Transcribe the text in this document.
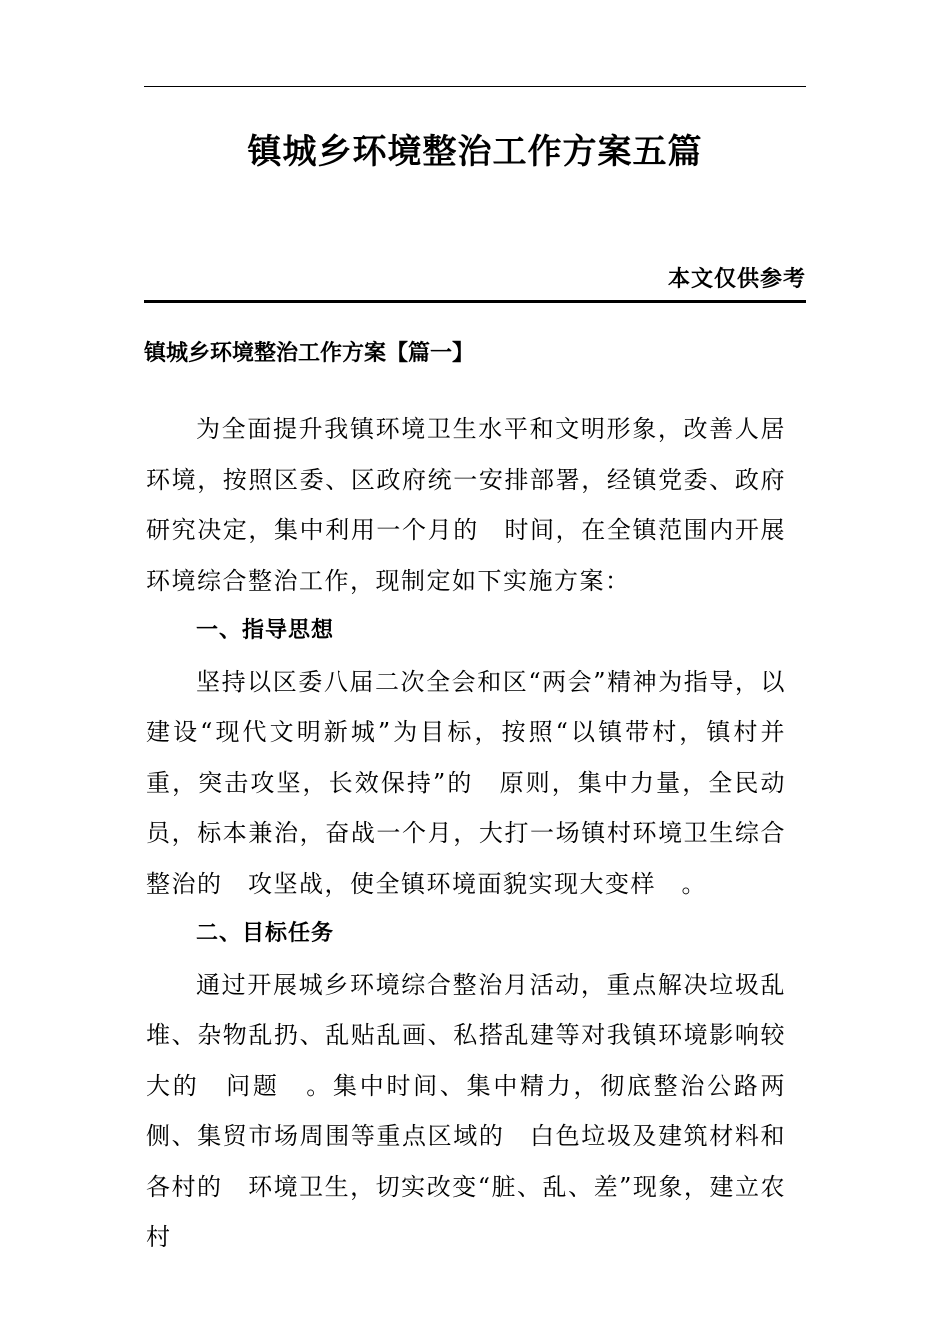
镇城乡环境整治工作方案五篇
本文仅供参考
镇城乡环境整治工作方案【篇一】

为全面提升我镇环境卫生水平和文明形象，改善人居环境，按照区委、区政府统一安排部署，经镇党委、政府研究决定，集中利用一个月的　时间，在全镇范围内开展环境综合整治工作，现制定如下实施方案：

一、指导思想

坚持以区委八届二次全会和区“两会”精神为指导，以建设“现代文明新城”为目标，按照“以镇带村，镇村并重，突击攻坚，长效保持”的　原则，集中力量，全民动员，标本兼治，奋战一个月，大打一场镇村环境卫生综合整治的　攻坚战，使全镇环境面貌实现大变样　。

二、目标任务

通过开展城乡环境综合整治月活动，重点解决垃圾乱堆、杂物乱扔、乱贴乱画、私搭乱建等对我镇环境影响较大的　问题　。集中时间、集中精力，彻底整治公路两侧、集贸市场周围等重点区域的　白色垃圾及建筑材料和各村的　环境卫生，切实改变“脏、乱、差”现象，建立农村
